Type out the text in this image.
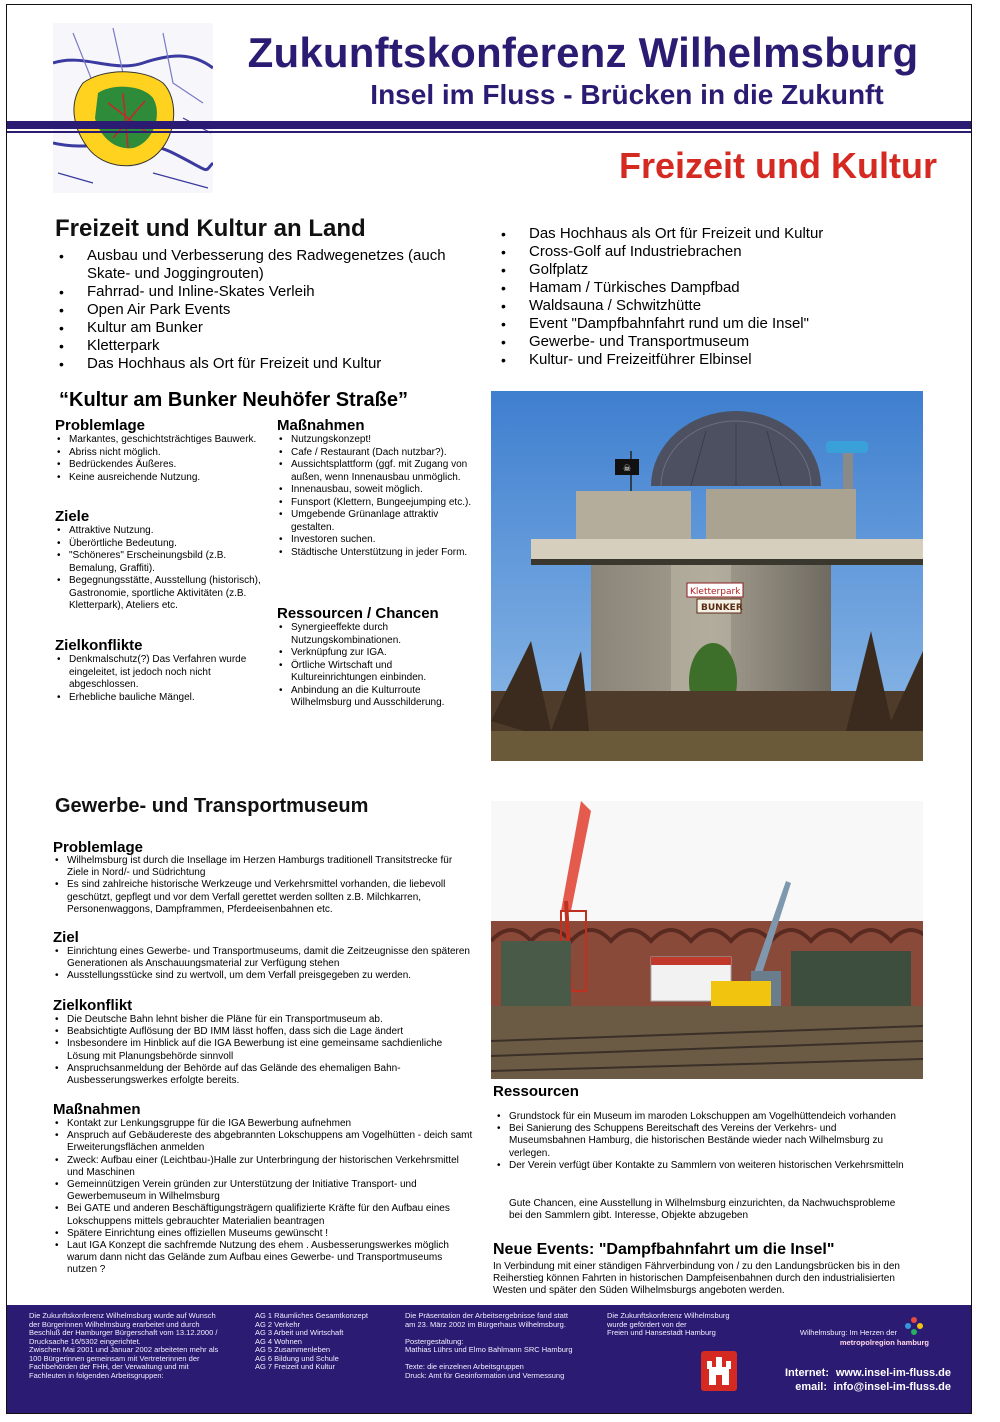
Zukunftskonferenz Wilhelmsburg
Insel im Fluss - Brücken in die Zukunft
Freizeit und Kultur
Freizeit und Kultur an Land
• Ausbau und Verbesserung des Radwegenetzes (auch Skate- und Joggingrouten)
• Fahrrad- und Inline-Skates Verleih
• Open Air Park Events
• Kultur am Bunker
• Kletterpark
• Das Hochhaus als Ort für Freizeit und Kultur
• Das Hochhaus als Ort für Freizeit und Kultur
• Cross-Golf auf Industriebrachen
• Golfplatz
• Hamam / Türkisches Dampfbad
• Waldsauna / Schwitzhütte
• Event "Dampfbahnfahrt rund um die Insel"
• Gewerbe- und Transportmuseum
• Kultur- und Freizeitführer Elbinsel
“Kultur am Bunker Neuhöfer Straße”
Problemlage
• Markantes, geschichtsträchtiges Bauwerk.
• Abriss nicht möglich.
• Bedrückendes Äußeres.
• Keine ausreichende Nutzung.
Ziele
• Attraktive Nutzung.
• Überörtliche Bedeutung.
• "Schöneres" Erscheinungsbild (z.B. Bemalung, Graffiti).
• Begegnungsstätte, Ausstellung (historisch), Gastronomie, sportliche Aktivitäten (z.B. Kletterpark), Ateliers etc.
Zielkonflikte
• Denkmalschutz(?) Das Verfahren wurde eingeleitet, ist jedoch noch nicht abgeschlossen.
• Erhebliche bauliche Mängel.
Maßnahmen
• Nutzungskonzept!
• Cafe / Restaurant (Dach nutzbar?).
• Aussichtsplattform (ggf. mit Zugang von außen, wenn Innenausbau unmöglich.
• Innenausbau, soweit möglich.
• Funsport (Klettern, Bungeejumping etc.).
• Umgebende Grünanlage attraktiv gestalten.
• Investoren suchen.
• Städtische Unterstützung in jeder Form.
Ressourcen / Chancen
• Synergieeffekte durch Nutzungskombinationen.
• Verknüpfung zur IGA.
• Örtliche Wirtschaft und Kultureinrichtungen einbinden.
• Anbindung an die Kulturroute Wilhelmsburg und Ausschilderung.
☠
Kletterpark
BUNKER
Gewerbe- und Transportmuseum
Problemlage
• Wilhelmsburg ist durch die Insellage im Herzen Hamburgs traditionell Transitstrecke für Ziele in Nord/- und Südrichtung
• Es sind zahlreiche historische Werkzeuge und Verkehrsmittel vorhanden, die liebevoll geschützt, gepflegt und vor dem Verfall gerettet werden sollten z.B. Milchkarren, Personenwaggons, Dampframmen, Pferdeeisenbahnen etc.
Ziel
• Einrichtung eines Gewerbe- und Transportmuseums, damit die Zeitzeugnisse den späteren Generationen als Anschauungsmaterial zur Verfügung stehen
• Ausstellungsstücke sind zu wertvoll, um dem Verfall preisgegeben zu werden.
Zielkonflikt
• Die Deutsche Bahn lehnt bisher die Pläne für ein Transportmuseum ab.
• Beabsichtigte Auflösung der BD IMM lässt hoffen, dass sich die Lage ändert
• Insbesondere im Hinblick auf die IGA Bewerbung ist eine gemeinsame sachdienliche Lösung mit Planungsbehörde sinnvoll
• Anspruchsanmeldung der Behörde auf das Gelände des ehemaligen Bahn-Ausbesserungswerkes erfolgte bereits.
Maßnahmen
• Kontakt zur Lenkungsgruppe für die IGA Bewerbung aufnehmen
• Anspruch auf Gebäudereste des abgebrannten Lokschuppens am Vogelhütten - deich samt Erweiterungsflächen anmelden
• Zweck: Aufbau einer (Leichtbau-)Halle zur Unterbringung der historischen Verkehrsmittel und Maschinen
• Gemeinnützigen Verein gründen zur Unterstützung der Initiative Transport- und Gewerbemuseum in Wilhelmsburg
• Bei GATE und anderen Beschäftigungsträgern qualifizierte Kräfte für den Aufbau eines Lokschuppens mittels gebrauchter Materialien beantragen
• Spätere Einrichtung eines offiziellen Museums gewünscht !
• Laut IGA Konzept die sachfremde Nutzung des ehem . Ausbesserungswerkes möglich warum dann nicht das Gelände zum Aufbau eines Gewerbe- und Transportmuseums nutzen ?
Ressourcen
• Grundstock für ein Museum im maroden Lokschuppen am Vogelhüttendeich vorhanden
• Bei Sanierung des Schuppens Bereitschaft des Vereins der Verkehrs- und Museumsbahnen Hamburg, die historischen Bestände wieder nach Wilhelmsburg zu verlegen.
• Der Verein verfügt über Kontakte zu Sammlern von weiteren historischen Verkehrsmitteln
Gute Chancen, eine Ausstellung in Wilhelmsburg einzurichten, da Nachwuchsprobleme bei den Sammlern gibt. Interesse, Objekte abzugeben
Neue Events: "Dampfbahnfahrt um die Insel"
In Verbindung mit einer ständigen Fährverbindung von / zu den Landungsbrücken bis in den Reiherstieg können Fahrten in historischen Dampfeisenbahnen durch den industrialisierten Westen und später den Süden Wilhelmsburgs angeboten werden.
Die Zukunftskonferenz Wilhelmsburg wurde auf Wunsch
der Bürgerinnen Wilhelmsburg erarbeitet und durch
Beschluß der Hamburger Bürgerschaft vom 13.12.2000 /
Drucksache 16/5302 eingerichtet.
Zwischen Mai 2001 und Januar 2002 arbeiteten mehr als
100 Bürgerinnen gemeinsam mit Vertreterinnen der
Fachbehörden der FHH, der Verwaltung und mit
Fachleuten in folgenden Arbeitsgruppen:
AG 1 Räumliches Gesamtkonzept
AG 2 Verkehr
AG 3 Arbeit und Wirtschaft
AG 4 Wohnen
AG 5 Zusammenleben
AG 6 Bildung und Schule
AG 7 Freizeit und Kultur
Die Präsentation der Arbeitsergebnisse fand statt
am 23. März 2002 im Bürgerhaus Wilhelmsburg.

Postergestaltung:
Mathias Lührs und Elmo Bahlmann SRC Hamburg

Texte: die einzelnen Arbeitsgruppen
Druck: Amt für Geoinformation und Vermessung
Die Zukunftskonferenz Wilhelmsburg
wurde gefördert von der
Freien und Hansestadt Hamburg	Wilhelmsburg: Im Herzen der
metropolregion hamburg
Internet: www.insel-im-fluss.de
email: info@insel-im-fluss.de
